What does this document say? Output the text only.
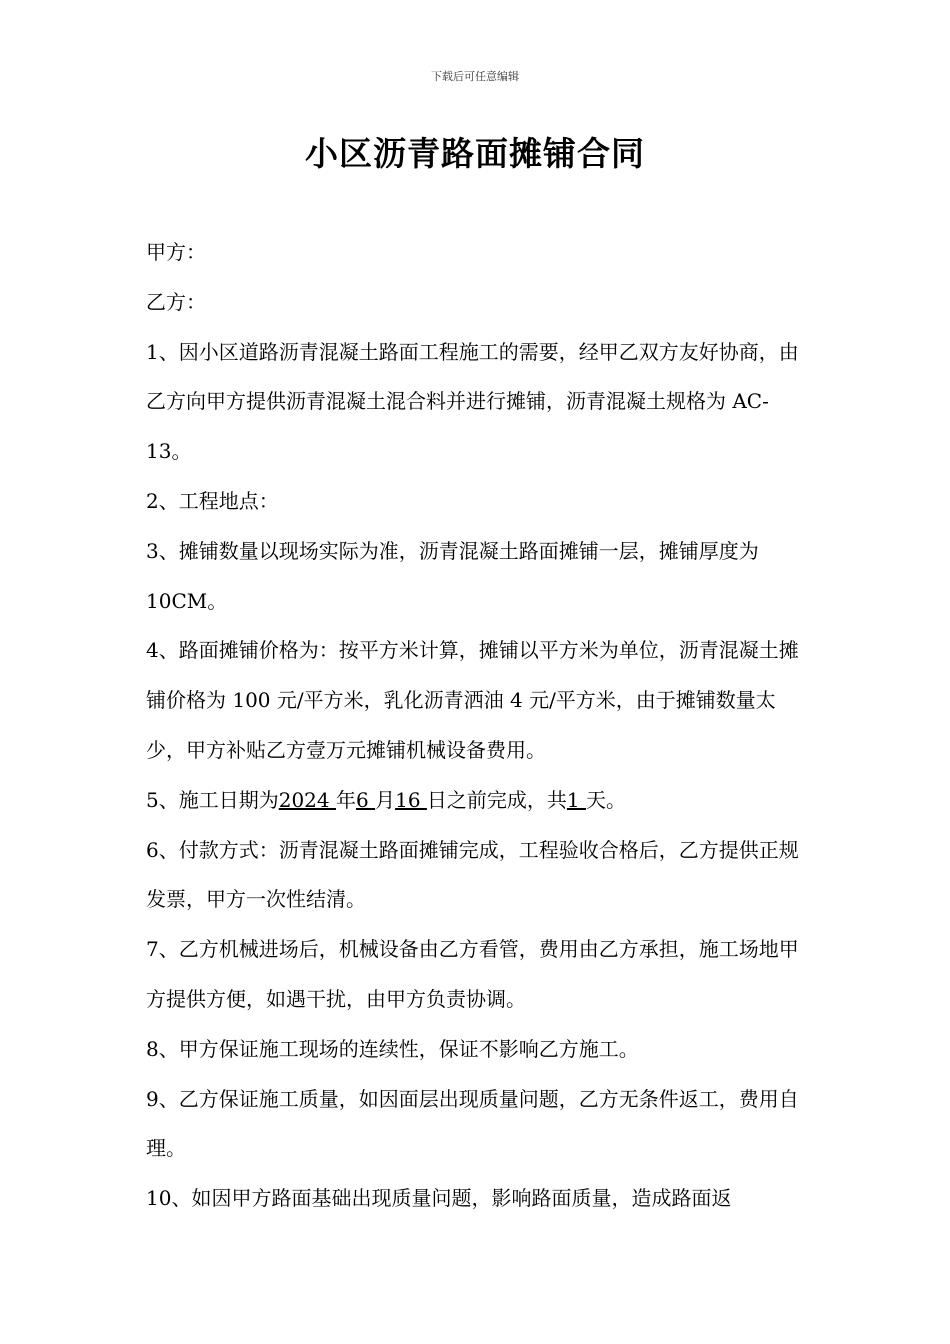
下载后可任意编辑
小区沥青路面摊铺合同

甲方：

乙方：

1、因小区道路沥青混凝土路面工程施工的需要，经甲乙双方友好协商，由乙方向甲方提供沥青混凝土混合料并进行摊铺，沥青混凝土规格为 AC-13。

2、工程地点：

3、摊铺数量以现场实际为准，沥青混凝土路面摊铺一层，摊铺厚度为 10CM。

4、路面摊铺价格为：按平方米计算，摊铺以平方米为单位，沥青混凝土摊铺价格为 100 元/平方米，乳化沥青洒油 4 元/平方米，由于摊铺数量太少，甲方补贴乙方壹万元摊铺机械设备费用。

5、施工日期为2024 年6 月16 日之前完成，共1 天。

6、付款方式：沥青混凝土路面摊铺完成，工程验收合格后，乙方提供正规发票，甲方一次性结清。

7、乙方机械进场后，机械设备由乙方看管，费用由乙方承担，施工场地甲方提供方便，如遇干扰，由甲方负责协调。

8、甲方保证施工现场的连续性，保证不影响乙方施工。

9、乙方保证施工质量，如因面层出现质量问题，乙方无条件返工，费用自理。

10、如因甲方路面基础出现质量问题，影响路面质量，造成路面返
